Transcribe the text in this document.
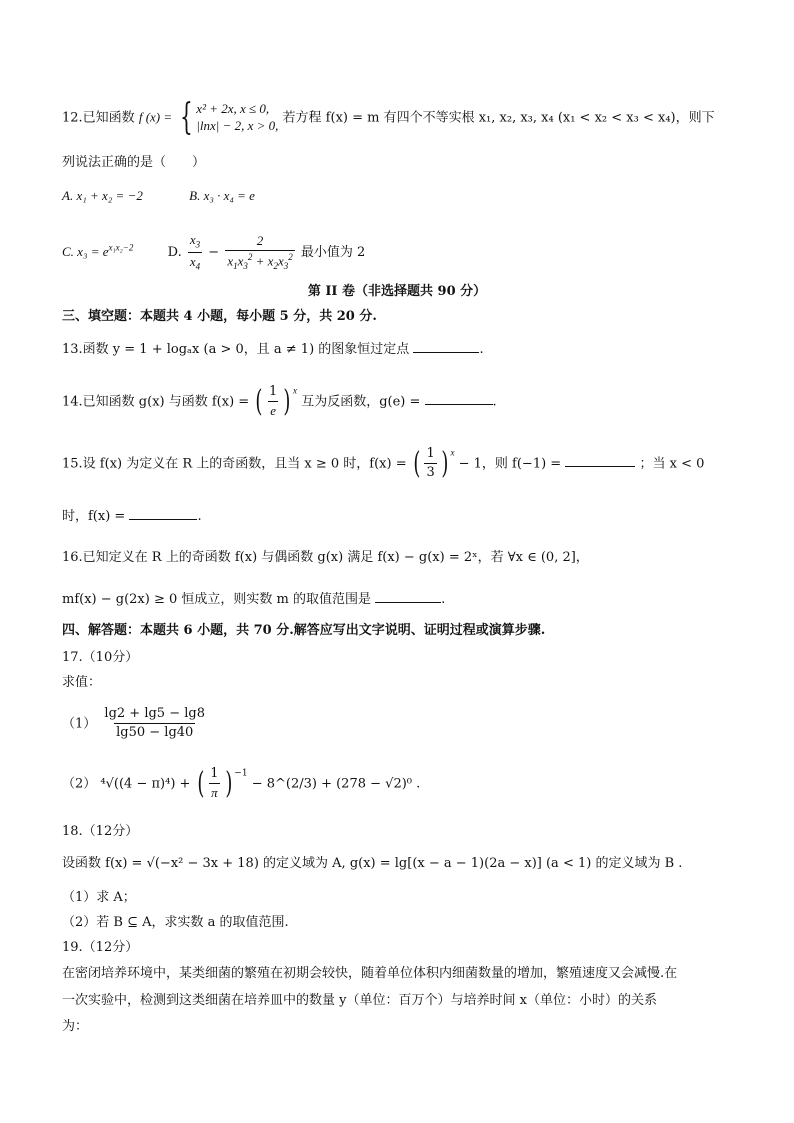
12.已知函数 f (x) = { x² + 2x, x ≤ 0,
|lnx| − 2, x > 0, 若方程 f(x) = m 有四个不等实根 x₁, x₂, x₃, x₄ (x₁ < x₂ < x₃ < x₄)，则下
列说法正确的是（　　）
A. x₁ + x₂ = −2	B. x₃ · x₄ = e
C. $x_3 = e^{x_1x_2-2}$	D. $\frac{x_3}{x_4} - \frac{2}{x_1x_3^2 + x_2x_3^2}$ 最小值为 2
第 II 卷（非选择题共 90 分）
三、填空题：本题共 4 小题，每小题 5 分，共 20 分.
13.函数 y = 1 + logₐx (a > 0，且 a ≠ 1) 的图象恒过定点	.
14.已知函数 g(x) 与函数 f(x) = ( $\frac{1}{e}$ ) $^x$ 互为反函数，g(e) =	.
15.设 f(x) 为定义在 R 上的奇函数，且当 x ≥ 0 时，f(x) = ( $\frac{1}{3}$ ) $^x$ − 1，则 f(−1) =	；当 x < 0
时，f(x) =	.
16.已知定义在 R 上的奇函数 f(x) 与偶函数 g(x) 满足 f(x) − g(x) = 2ˣ，若 ∀x ∈ (0, 2]，
mf(x) − g(2x) ≥ 0 恒成立，则实数 m 的取值范围是	.
四、解答题：本题共 6 小题，共 70 分.解答应写出文字说明、证明过程或演算步骤.
17.（10分）
求值：
$(1) \frac{\lg 2 + \lg 5 - \lg 8}{\lg 50 - \lg 40}$
（2） ⁴√((4 − π)⁴) + ( $\frac{1}{\pi}$ ) $^{-1}$ − 8^(2/3) + (278 − √2)⁰ .
18.（12分）
设函数 f(x) = √(−x² − 3x + 18) 的定义域为 A, g(x) = lg[(x − a − 1)(2a − x)] (a < 1) 的定义域为 B .
（1）求 A；
（2）若 B ⊆ A，求实数 a 的取值范围.
19.（12分）
在密闭培养环境中，某类细菌的繁殖在初期会较快，随着单位体积内细菌数量的增加，繁殖速度又会减慢.在
一次实验中，检测到这类细菌在培养皿中的数量 y（单位：百万个）与培养时间 x（单位：小时）的关系
为：
